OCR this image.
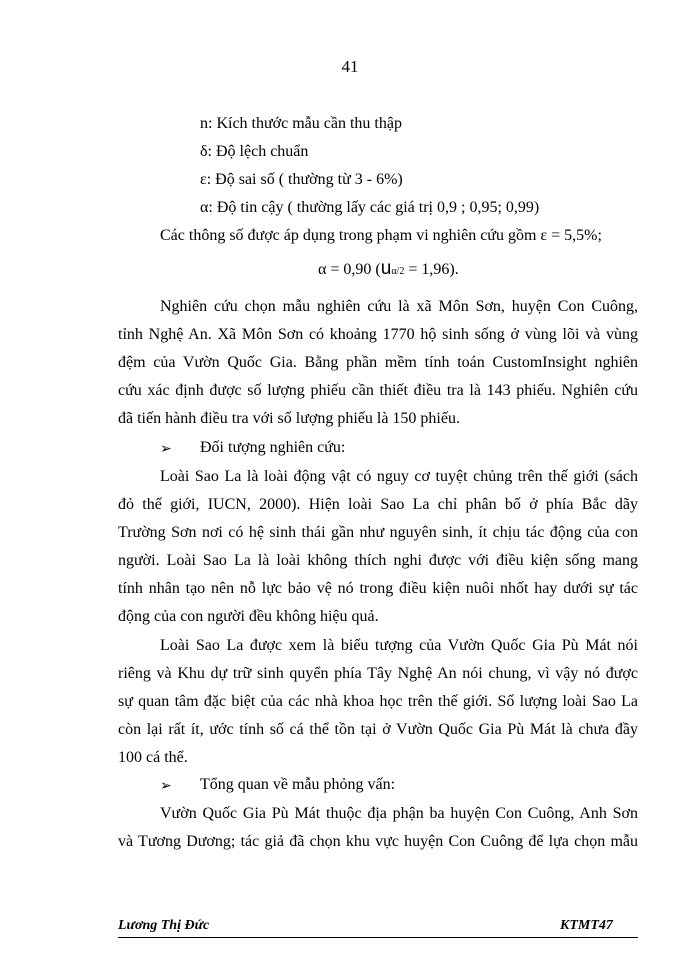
41
n: Kích thước mẫu cần thu thập
δ: Độ lệch chuẩn
ε: Độ sai số ( thường từ 3 - 6%)
α: Độ tin cậy ( thường lấy các giá trị 0,9 ; 0,95; 0,99)
Các thông số được áp dụng trong phạm vi nghiên cứu gồm ε = 5,5%;
α = 0,90 (uα/2 = 1,96).
Nghiên cứu chọn mẫu nghiên cứu là xã Môn Sơn, huyện Con Cuông,
tỉnh Nghệ An. Xã Môn Sơn có khoảng 1770 hộ sinh sống ở vùng lõi và vùng
đệm của Vườn Quốc Gia. Bằng phần mềm tính toán CustomInsight nghiên
cứu xác định được số lượng phiếu cần thiết điều tra là 143 phiếu. Nghiên cứu
đã tiến hành điều tra với số lượng phiếu là 150 phiếu.
➢ Đối tượng nghiên cứu:
Loài Sao La là loài động vật có nguy cơ tuyệt chủng trên thế giới (sách
đỏ thế giới, IUCN, 2000). Hiện loài Sao La chỉ phân bố ở phía Bắc dãy
Trường Sơn nơi có hệ sinh thái gần như nguyên sinh, ít chịu tác động của con
người. Loài Sao La là loài không thích nghi được với điều kiện sống mang
tính nhân tạo nên nỗ lực bảo vệ nó trong điều kiện nuôi nhốt hay dưới sự tác
động của con người đều không hiệu quả.
Loài Sao La được xem là biểu tượng của Vườn Quốc Gia Pù Mát nói
riêng và Khu dự trữ sinh quyển phía Tây Nghệ An nói chung, vì vậy nó được
sự quan tâm đặc biệt của các nhà khoa học trên thế giới. Số lượng loài Sao La
còn lại rất ít, ước tính số cá thể tồn tại ở Vườn Quốc Gia Pù Mát là chưa đầy
100 cá thể.
➢ Tổng quan về mẫu phỏng vấn:
Vườn Quốc Gia Pù Mát thuộc địa phận ba huyện Con Cuông, Anh Sơn
và Tương Dương; tác giả đã chọn khu vực huyện Con Cuông để lựa chọn mẫu
Lương Thị Đức	KTMT47
